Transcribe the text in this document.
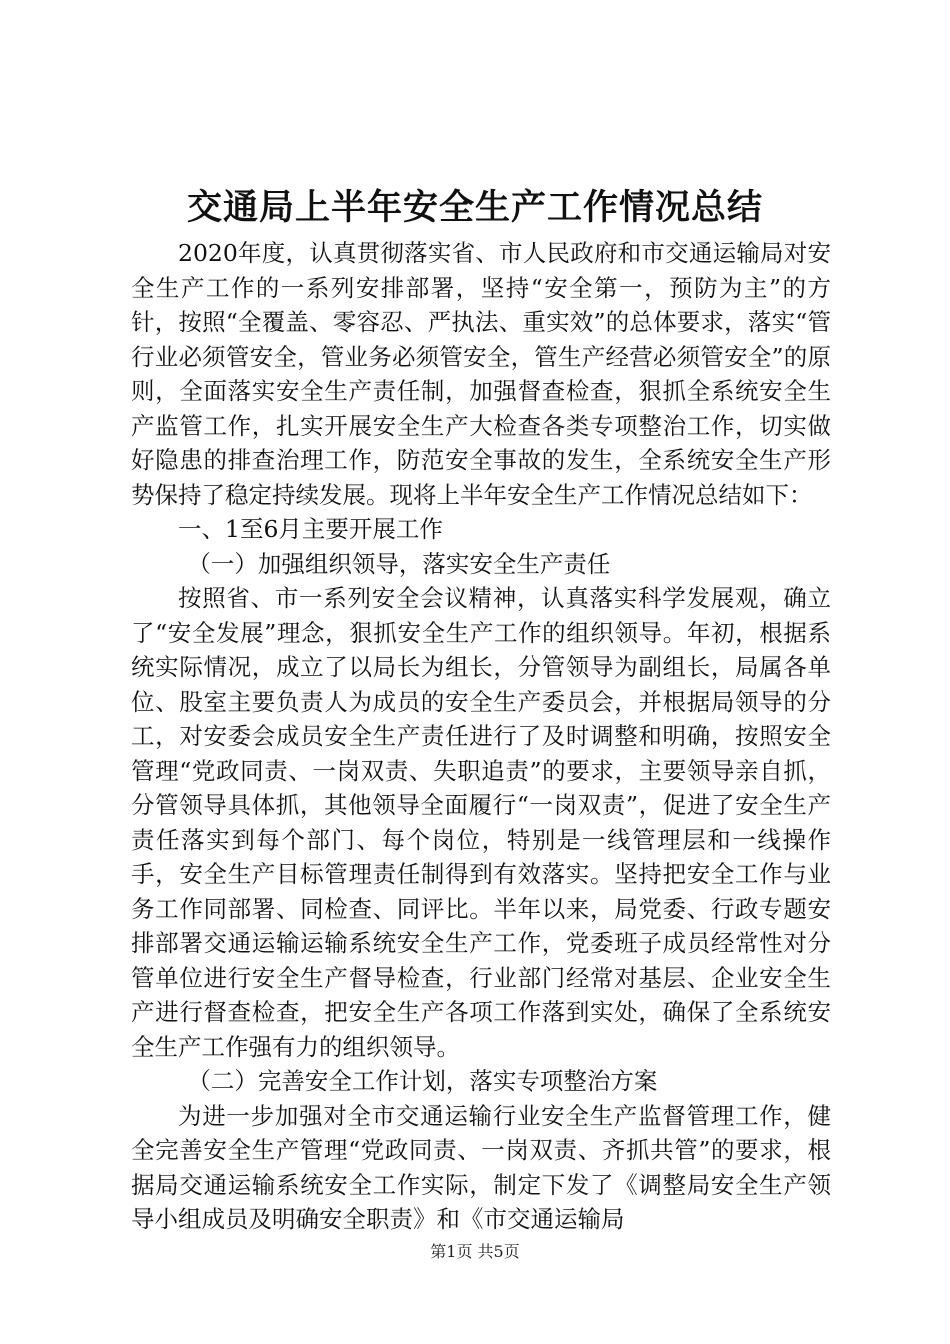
交通局上半年安全生产工作情况总结

2020年度，认真贯彻落实省、市人民政府和市交通运输局对安全生产工作的一系列安排部署，坚持“安全第一，预防为主”的方针，按照“全覆盖、零容忍、严执法、重实效”的总体要求，落实“管行业必须管安全，管业务必须管安全，管生产经营必须管安全”的原则，全面落实安全生产责任制，加强督查检查，狠抓全系统安全生产监管工作，扎实开展安全生产大检查各类专项整治工作，切实做好隐患的排查治理工作，防范安全事故的发生，全系统安全生产形势保持了稳定持续发展。现将上半年安全生产工作情况总结如下：

一、1至6月主要开展工作

（一）加强组织领导，落实安全生产责任

按照省、市一系列安全会议精神，认真落实科学发展观，确立了“安全发展”理念，狠抓安全生产工作的组织领导。年初，根据系统实际情况，成立了以局长为组长，分管领导为副组长，局属各单位、股室主要负责人为成员的安全生产委员会，并根据局领导的分工，对安委会成员安全生产责任进行了及时调整和明确，按照安全管理“党政同责、一岗双责、失职追责”的要求，主要领导亲自抓，分管领导具体抓，其他领导全面履行“一岗双责”，促进了安全生产责任落实到每个部门、每个岗位，特别是一线管理层和一线操作手，安全生产目标管理责任制得到有效落实。坚持把安全工作与业务工作同部署、同检查、同评比。半年以来，局党委、行政专题安排部署交通运输运输系统安全生产工作，党委班子成员经常性对分管单位进行安全生产督导检查，行业部门经常对基层、企业安全生产进行督查检查，把安全生产各项工作落到实处，确保了全系统安全生产工作强有力的组织领导。

（二）完善安全工作计划，落实专项整治方案

为进一步加强对全市交通运输行业安全生产监督管理工作，健全完善安全生产管理“党政同责、一岗双责、齐抓共管”的要求，根据局交通运输系统安全工作实际，制定下发了《调整局安全生产领导小组成员及明确安全职责》和《市交通运输局

第1页 共5页
